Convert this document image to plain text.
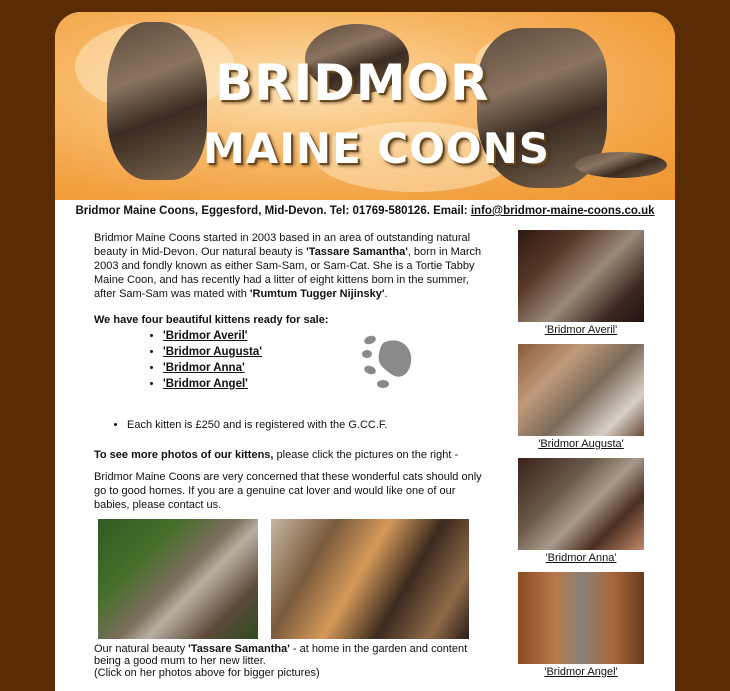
BRIDMOR
MAINE COONS
Bridmor Maine Coons, Eggesford, Mid-Devon. Tel: 01769-580126. Email: info@bridmor-maine-coons.co.uk

Bridmor Maine Coons started in 2003 based in an area of outstanding natural beauty in Mid-Devon. Our natural beauty is 'Tassare Samantha', born in March 2003 and fondly known as either Sam-Sam, or Sam-Cat. She is a Tortie Tabby Maine Coon, and has recently had a litter of eight kittens born in the summer, after Sam-Sam was mated with 'Rumtum Tugger Nijinsky'.

We have four beautiful kittens ready for sale:

• 'Bridmor Averil'
• 'Bridmor Augusta'
• 'Bridmor Anna'
• 'Bridmor Angel'
• Each kitten is £250 and is registered with the G.CC.F.
To see more photos of our kittens, please click the pictures on the right -

Bridmor Maine Coons are very concerned that these wonderful cats should only go to good homes. If you are a genuine cat lover and would like one of our babies, please contact us.

Our natural beauty 'Tassare Samantha' - at home in the garden and content being a good mum to her new litter.
(Click on her photos above for bigger pictures)
'Bridmor Averil'
'Bridmor Augusta'
'Bridmor Anna'
'Bridmor Angel'
